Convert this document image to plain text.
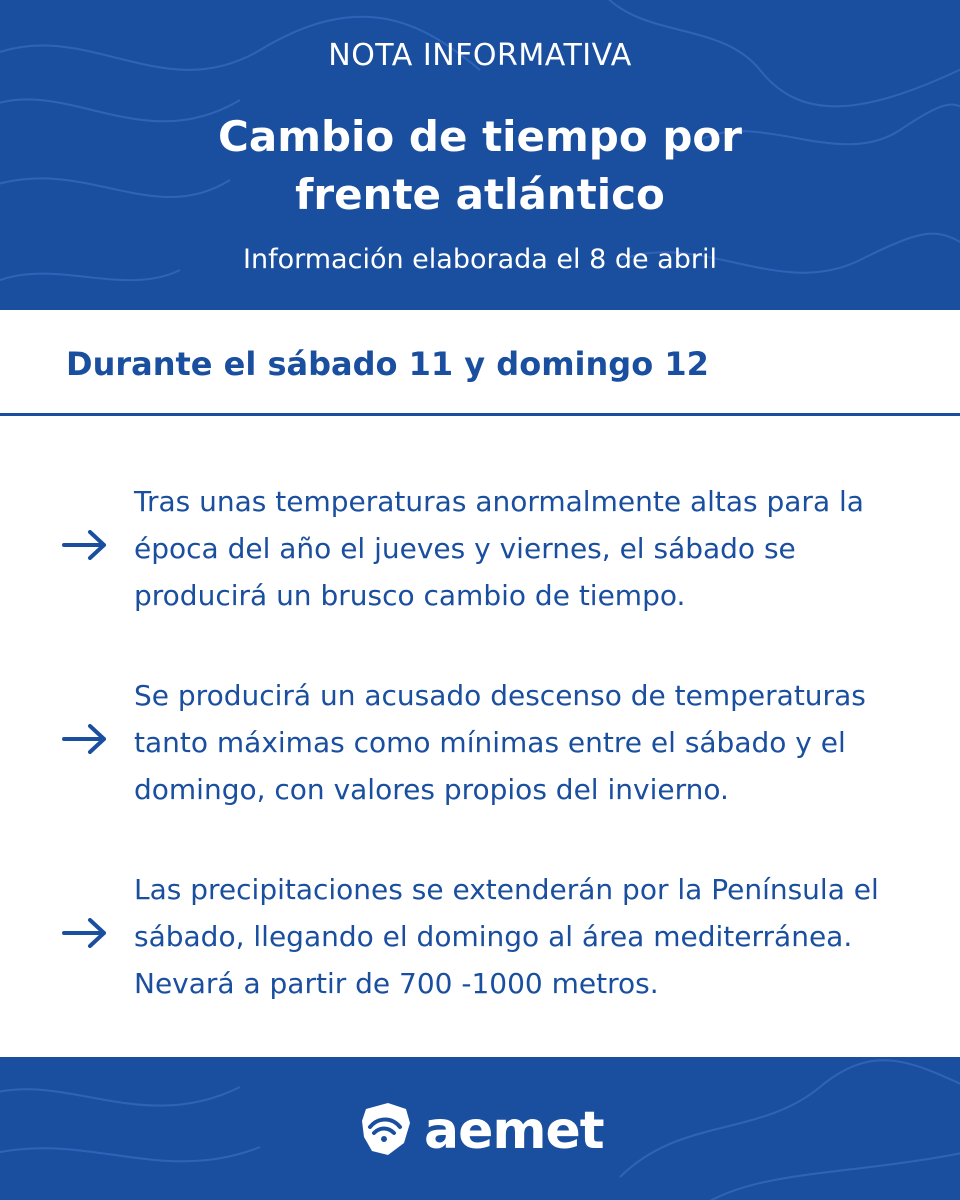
NOTA INFORMATIVA
Cambio de tiempo por
frente atlántico
Información elaborada el 8 de abril
Durante el sábado 11 y domingo 12
Tras unas temperaturas anormalmente altas para la época del año el jueves y viernes, el sábado se producirá un brusco cambio de tiempo.
Se producirá un acusado descenso de temperaturas tanto máximas como mínimas entre el sábado y el domingo, con valores propios del invierno.
Las precipitaciones se extenderán por la Península el sábado, llegando el domingo al área mediterránea. Nevará a partir de 700 -1000 metros.
aemet
